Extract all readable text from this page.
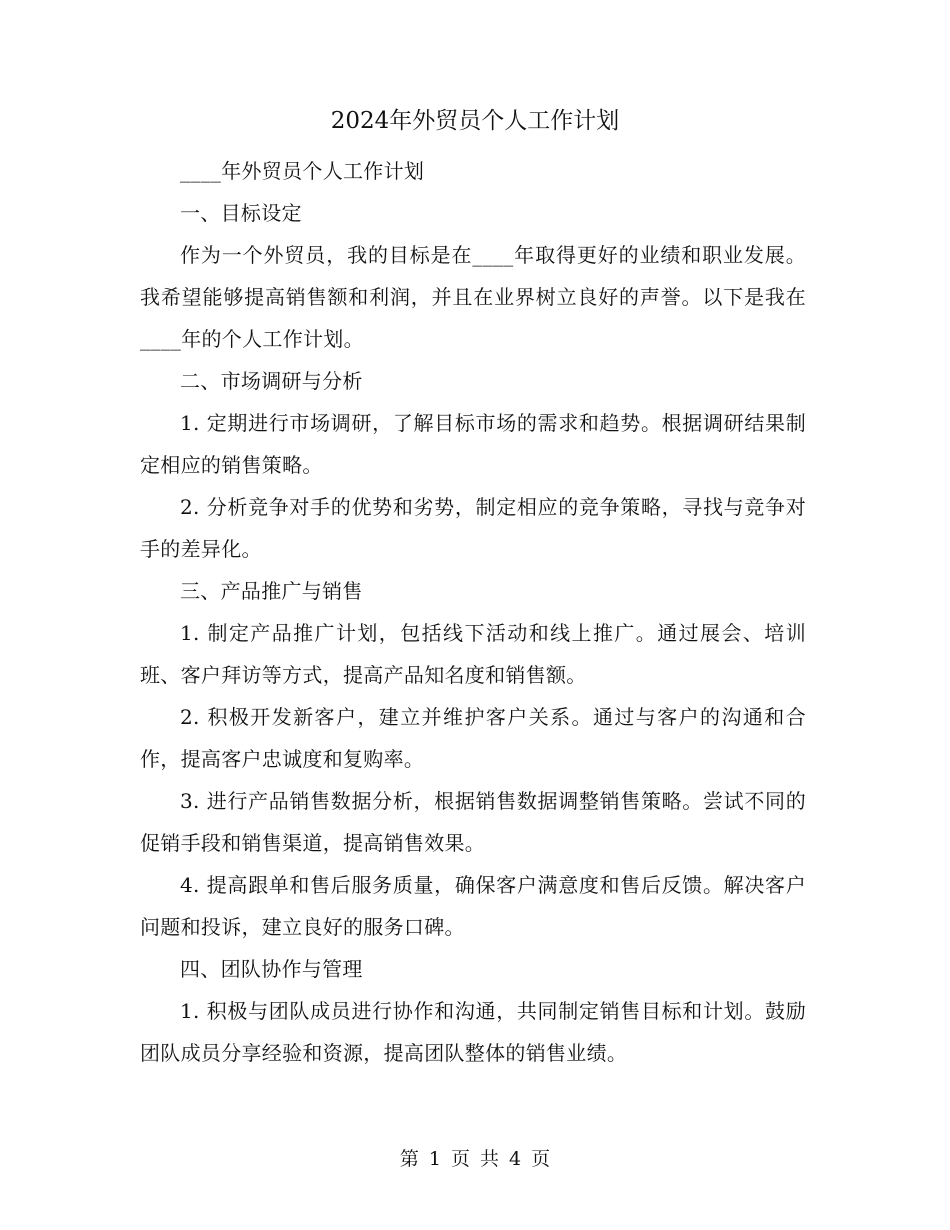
2024年外贸员个人工作计划

____年外贸员个人工作计划

一、目标设定

作为一个外贸员，我的目标是在____年取得更好的业绩和职业发展。我希望能够提高销售额和利润，并且在业界树立良好的声誉。以下是我在____年的个人工作计划。

二、市场调研与分析

1. 定期进行市场调研，了解目标市场的需求和趋势。根据调研结果制定相应的销售策略。

2. 分析竞争对手的优势和劣势，制定相应的竞争策略，寻找与竞争对手的差异化。

三、产品推广与销售

1. 制定产品推广计划，包括线下活动和线上推广。通过展会、培训班、客户拜访等方式，提高产品知名度和销售额。

2. 积极开发新客户，建立并维护客户关系。通过与客户的沟通和合作，提高客户忠诚度和复购率。

3. 进行产品销售数据分析，根据销售数据调整销售策略。尝试不同的促销手段和销售渠道，提高销售效果。

4. 提高跟单和售后服务质量，确保客户满意度和售后反馈。解决客户问题和投诉，建立良好的服务口碑。

四、团队协作与管理

1. 积极与团队成员进行协作和沟通，共同制定销售目标和计划。鼓励团队成员分享经验和资源，提高团队整体的销售业绩。

第 1 页 共 4 页
